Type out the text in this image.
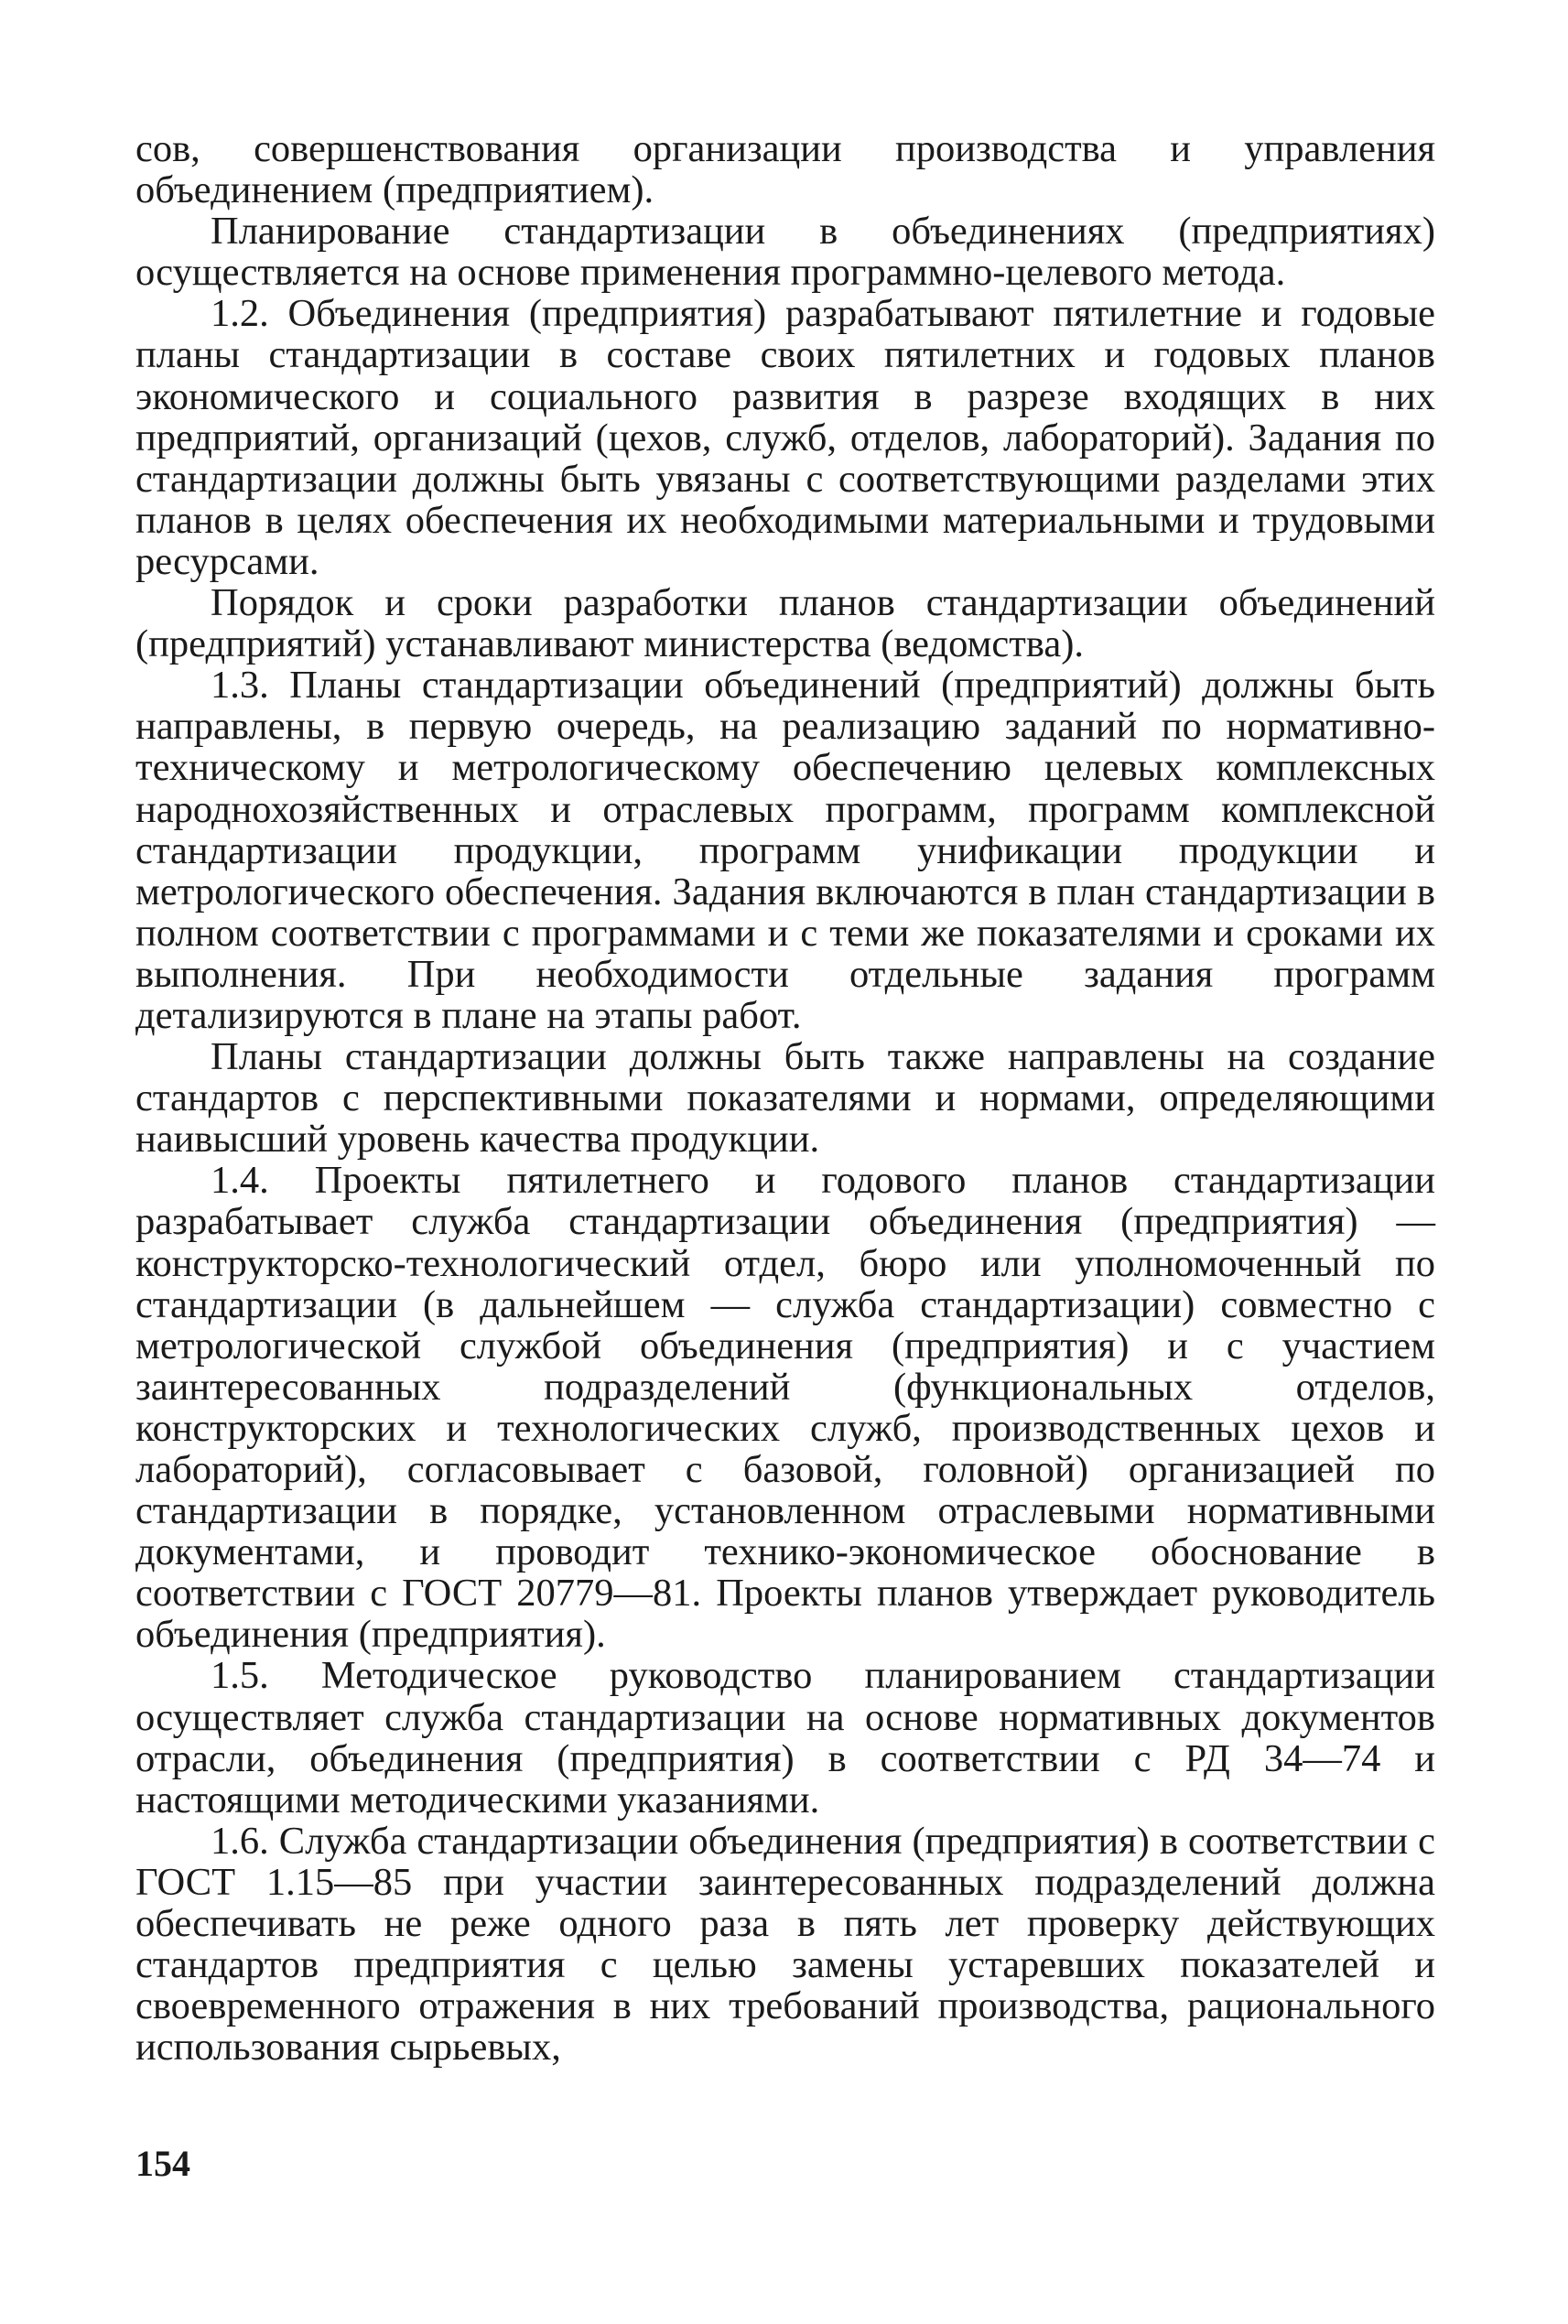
сов, совершенствования организации производства и управления объединением (предприятием).

Планирование стандартизации в объединениях (предприятиях) осуществляется на основе применения программно-целевого метода.

1.2. Объединения (предприятия) разрабатывают пятилетние и годовые планы стандартизации в составе своих пятилетних и годовых планов экономического и социального развития в разрезе входящих в них предприятий, организаций (цехов, служб, отделов, лабораторий). Задания по стандартизации должны быть увязаны с соответствующими разделами этих планов в целях обеспечения их необходимыми материальными и трудовыми ресурсами.

Порядок и сроки разработки планов стандартизации объединений (предприятий) устанавливают министерства (ведомства).

1.3. Планы стандартизации объединений (предприятий) должны быть направлены, в первую очередь, на реализацию заданий по нормативно-техническому и метрологическому обеспечению целевых комплексных народнохозяйственных и отраслевых программ, программ комплексной стандартизации продукции, программ унификации продукции и метрологического обеспечения. Задания включаются в план стандартизации в полном соответствии с программами и с теми же показателями и сроками их выполнения. При необходимости отдельные задания программ детализируются в плане на этапы работ.

Планы стандартизации должны быть также направлены на создание стандартов с перспективными показателями и нормами, определяющими наивысший уровень качества продукции.

1.4. Проекты пятилетнего и годового планов стандартизации разрабатывает служба стандартизации объединения (предприятия) — конструкторско-технологический отдел, бюро или уполномоченный по стандартизации (в дальнейшем — служба стандартизации) совместно с метрологической службой объединения (предприятия) и с участием заинтересованных подразделений (функциональных отделов, конструкторских и технологических служб, производственных цехов и лабораторий), согласовывает с базовой, головной) организацией по стандартизации в порядке, установленном отраслевыми нормативными документами, и проводит технико-экономическое обоснование в соответствии с ГОСТ 20779—81. Проекты планов утверждает руководитель объединения (предприятия).

1.5. Методическое руководство планированием стандартизации осуществляет служба стандартизации на основе нормативных документов отрасли, объединения (предприятия) в соответствии с РД 34—74 и настоящими методическими указаниями.

1.6. Служба стандартизации объединения (предприятия) в соответствии с ГОСТ 1.15—85 при участии заинтересованных подразделений должна обеспечивать не реже одного раза в пять лет проверку действующих стандартов предприятия с целью замены устаревших показателей и своевременного отражения в них требований производства, рационального использования сырьевых,

154
